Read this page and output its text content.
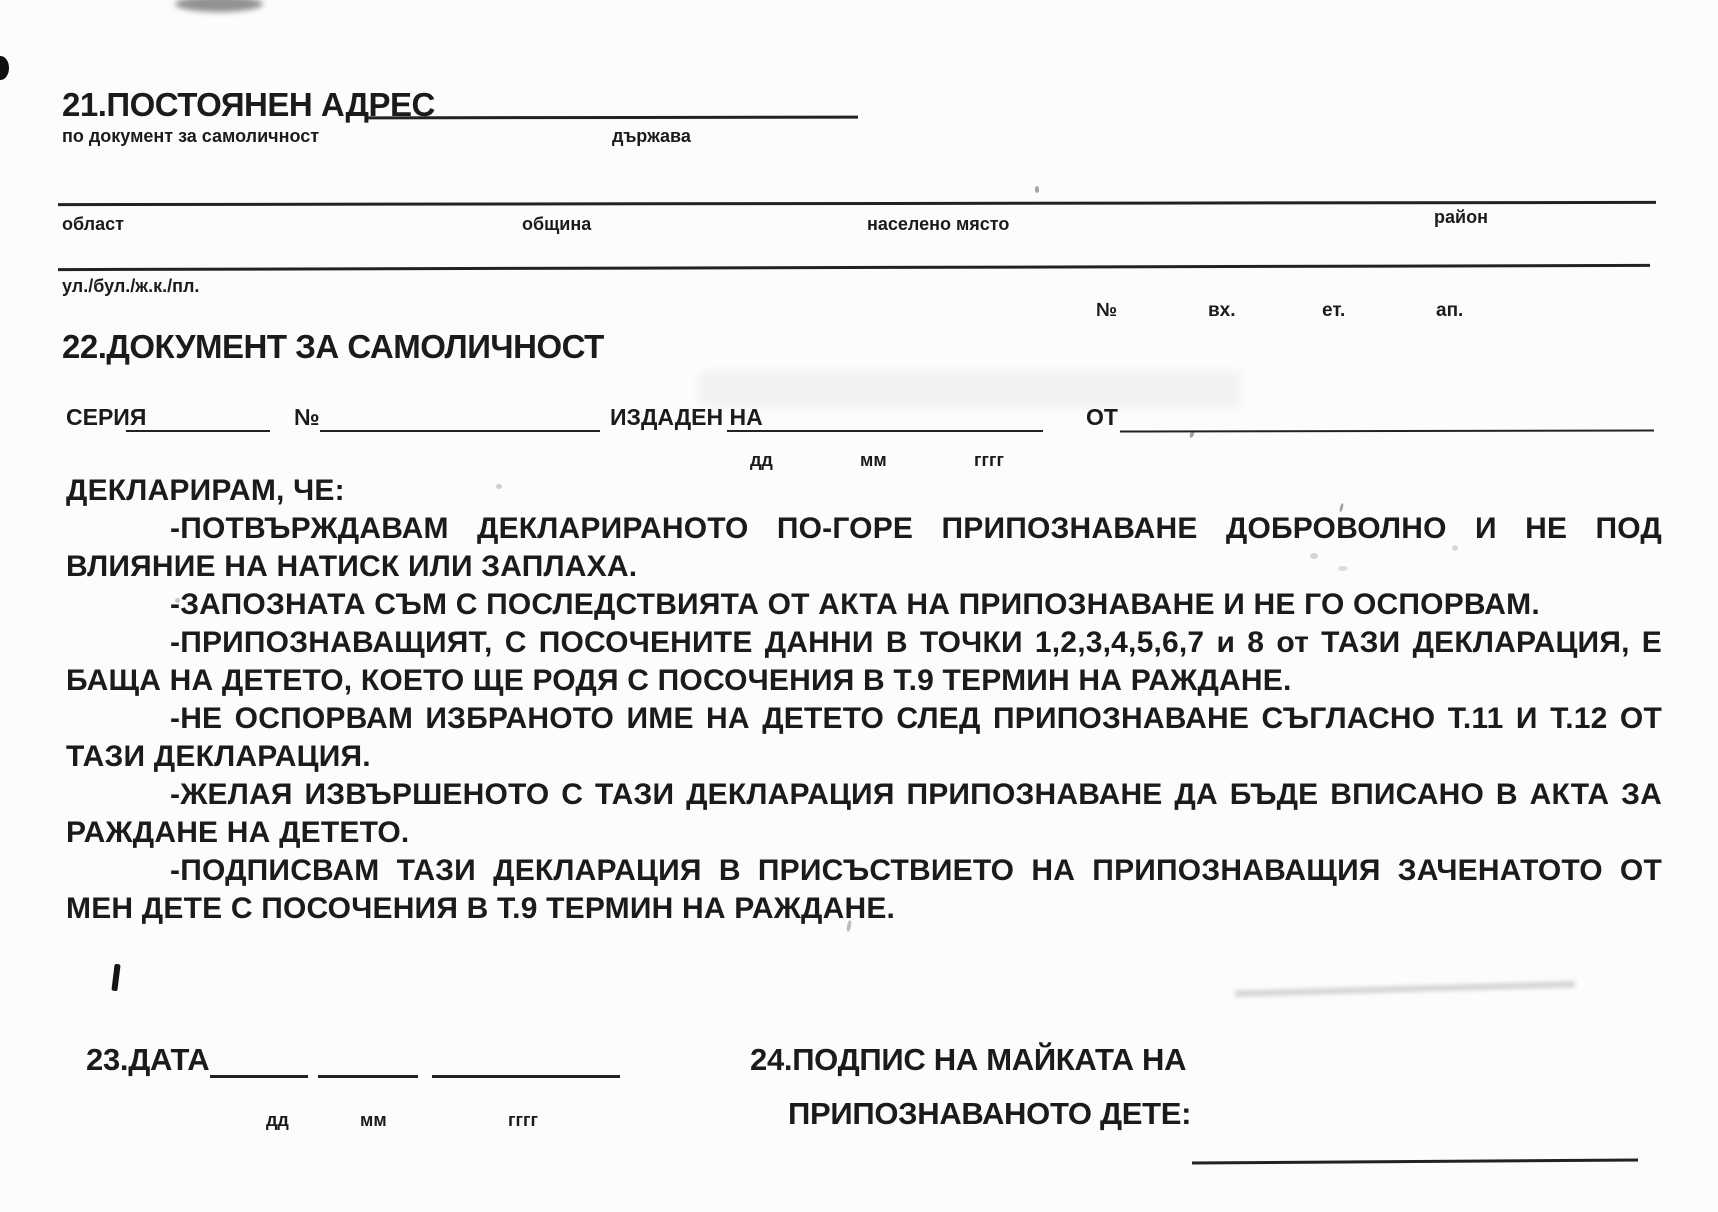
21.ПОСТОЯНЕН АДРЕС
по документ за самоличност	държава
област	община	населено място	район
ул./бул./ж.к./пл.
№	вх.	ет.	ап.
22.ДОКУМЕНТ ЗА САМОЛИЧНОСТ
СЕРИЯ	№	ИЗДАДЕН НА	ОТ
дд	мм	гггг
ДЕКЛАРИРАМ, ЧЕ:

-ПОТВЪРЖДАВАМ ДЕКЛАРИРАНОТО ПО-ГОРЕ ПРИПОЗНАВАНЕ ДОБРОВОЛНО И НЕ ПОД ВЛИЯНИЕ НА НАТИСК ИЛИ ЗАПЛАХА.

-ЗАПОЗНАТА СЪМ С ПОСЛЕДСТВИЯТА ОТ АКТА НА ПРИПОЗНАВАНЕ И НЕ ГО ОСПОРВАМ.

-ПРИПОЗНАВАЩИЯТ, С ПОСОЧЕНИТЕ ДАННИ В ТОЧКИ 1,2,3,4,5,6,7 и 8 от ТАЗИ ДЕКЛАРАЦИЯ, Е БАЩА НА ДЕТЕТО, КОЕТО ЩЕ РОДЯ С ПОСОЧЕНИЯ В Т.9 ТЕРМИН НА РАЖДАНЕ.

-НЕ ОСПОРВАМ ИЗБРАНОТО ИМЕ НА ДЕТЕТО СЛЕД ПРИПОЗНАВАНЕ СЪГЛАСНО Т.11 И Т.12 ОТ ТАЗИ ДЕКЛАРАЦИЯ.

-ЖЕЛАЯ ИЗВЪРШЕНОТО С ТАЗИ ДЕКЛАРАЦИЯ ПРИПОЗНАВАНЕ ДА БЪДЕ ВПИСАНО В АКТА ЗА РАЖДАНЕ НА ДЕТЕТО.

-ПОДПИСВАМ ТАЗИ ДЕКЛАРАЦИЯ В ПРИСЪСТВИЕТО НА ПРИПОЗНАВАЩИЯ ЗАЧЕНАТОТО ОТ МЕН ДЕТЕ С ПОСОЧЕНИЯ В Т.9 ТЕРМИН НА РАЖДАНЕ.

23.ДАТА
дд	мм	гггг
24.ПОДПИС НА МАЙКАТА НА
ПРИПОЗНАВАНОТО ДЕТЕ:
